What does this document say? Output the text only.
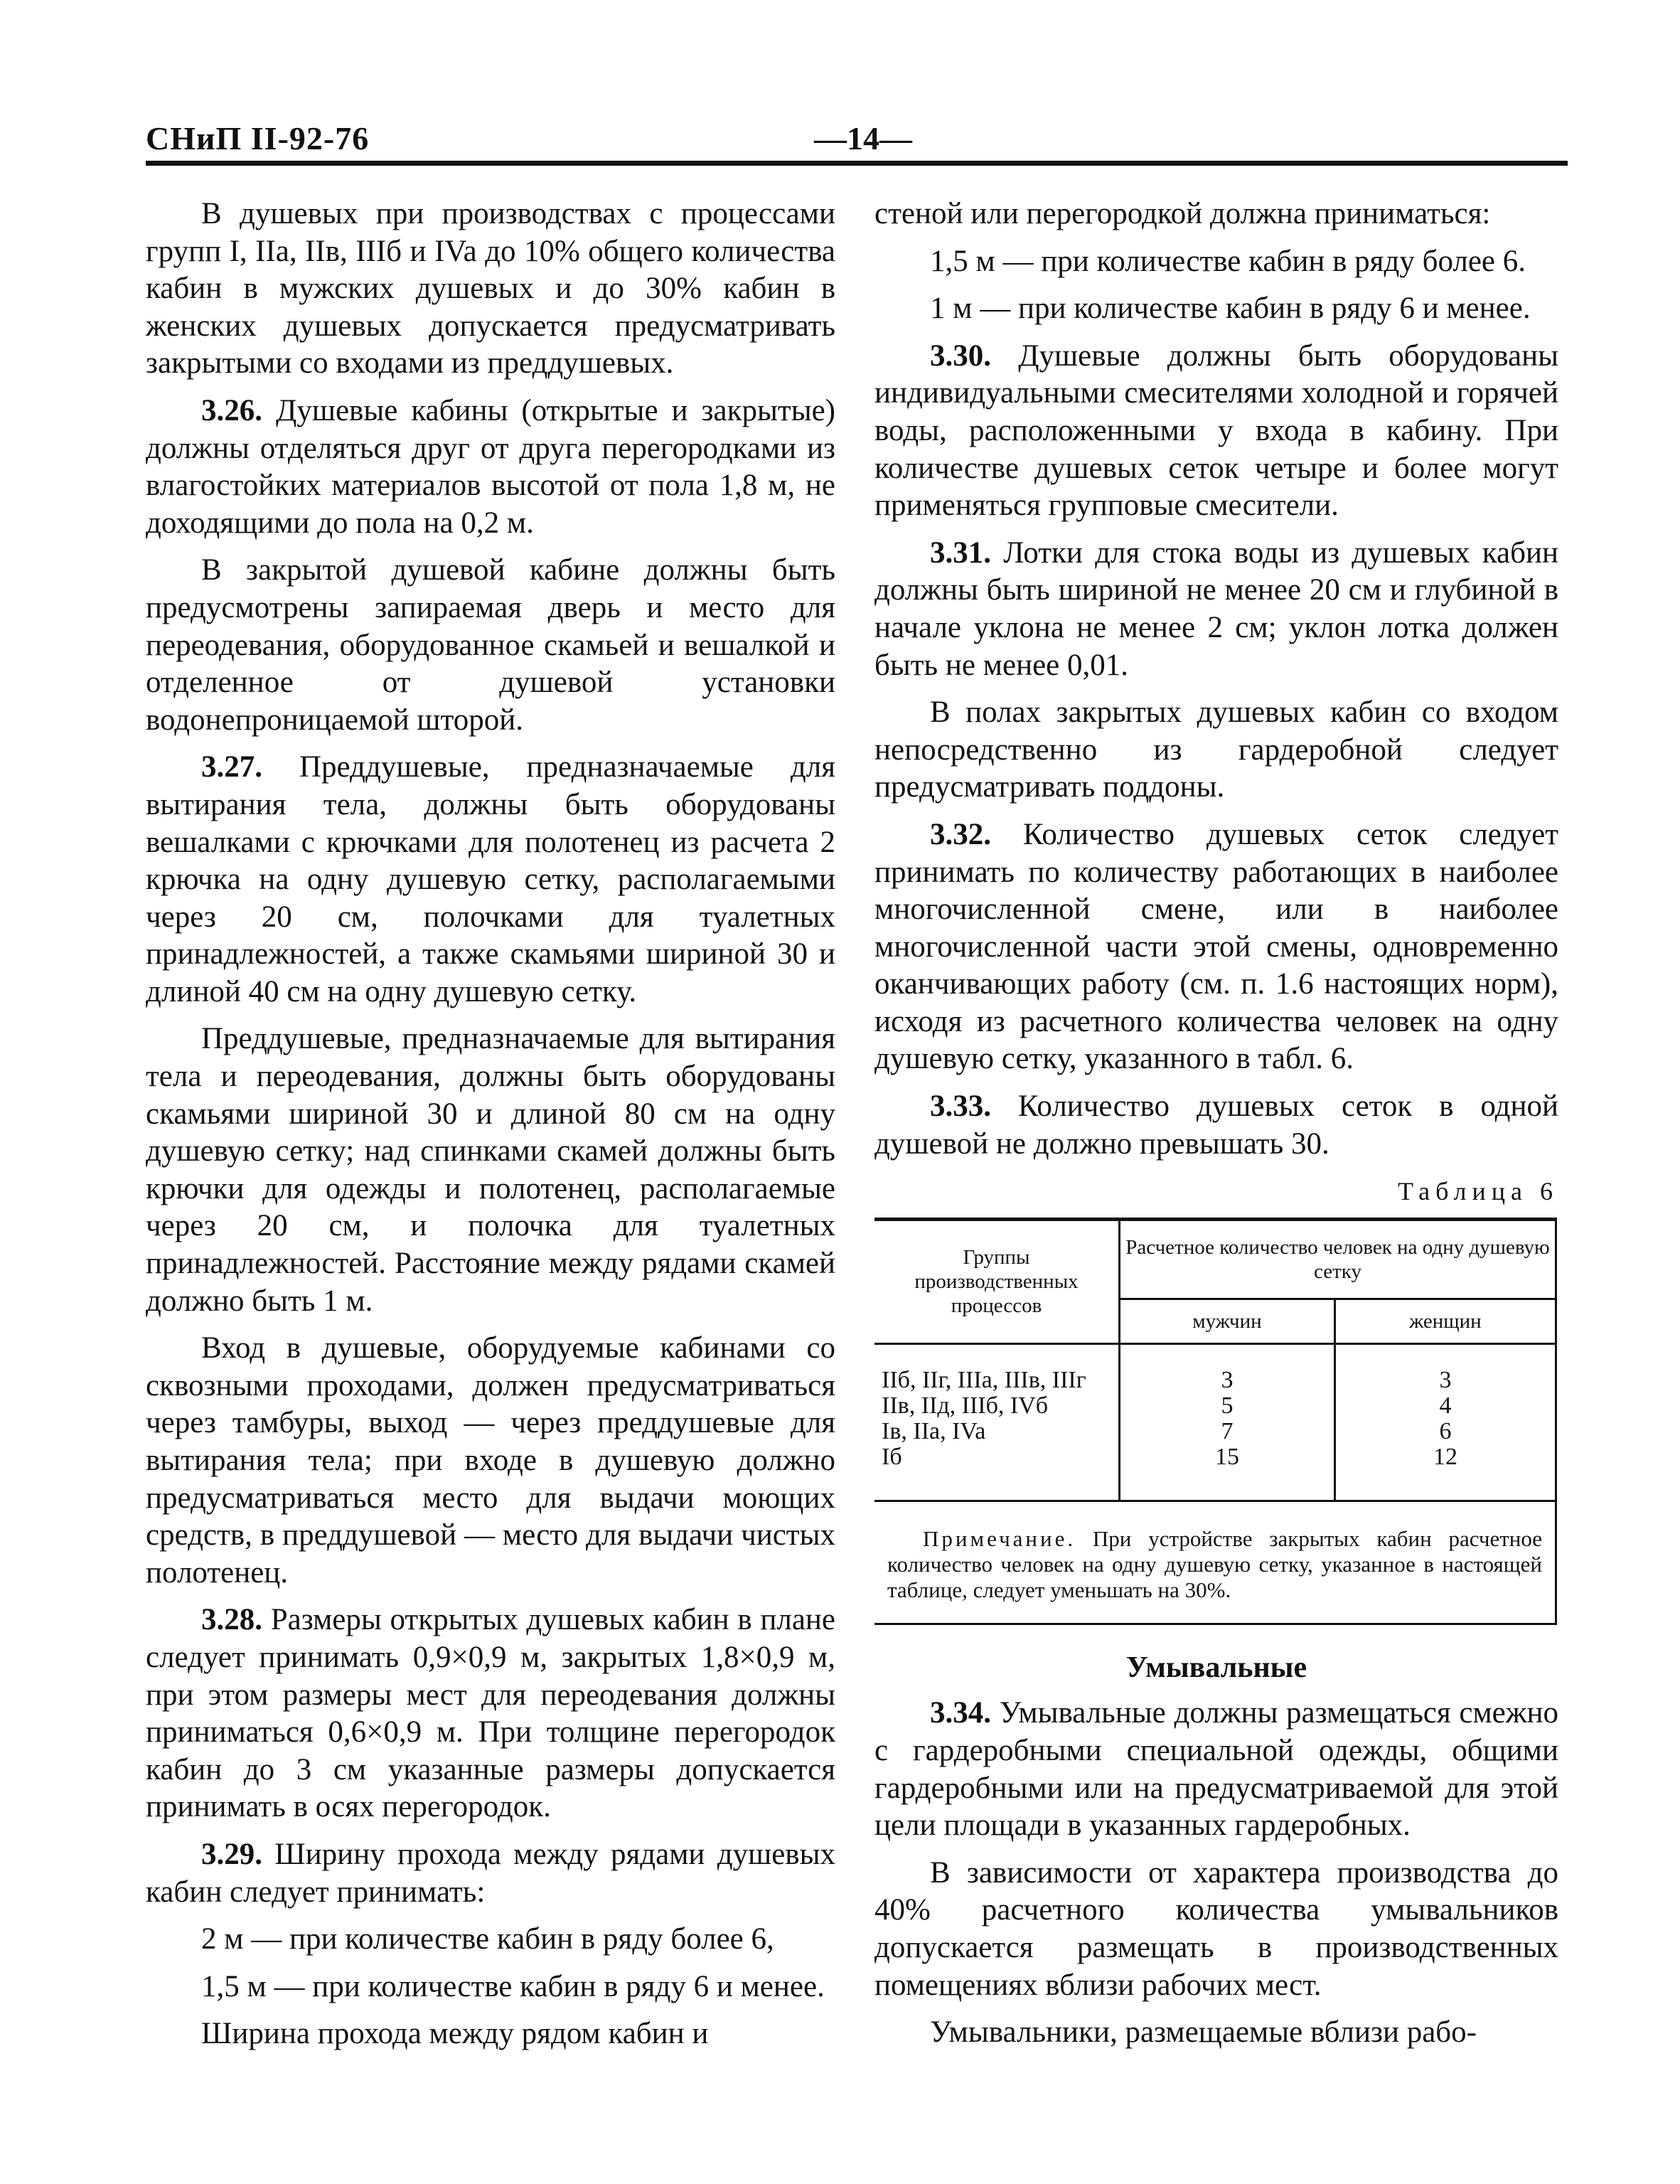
СНиП II-92-76	—14—

В душевых при производствах с процессами групп I, IIa, IIв, IIIб и IVa до 10% общего количества кабин в мужских душевых и до 30% кабин в женских душевых допускается предусматривать закрытыми со входами из преддушевых.

3.26. Душевые кабины (открытые и закрытые) должны отделяться друг от друга перегородками из влагостойких материалов высотой от пола 1,8 м, не доходящими до пола на 0,2 м.

В закрытой душевой кабине должны быть предусмотрены запираемая дверь и место для переодевания, оборудованное скамьей и вешалкой и отделенное от душевой установки водонепроницаемой шторой.

3.27. Преддушевые, предназначаемые для вытирания тела, должны быть оборудованы вешалками с крючками для полотенец из расчета 2 крючка на одну душевую сетку, располагаемыми через 20 см, полочками для туалетных принадлежностей, а также скамьями шириной 30 и длиной 40 см на одну душевую сетку.

Преддушевые, предназначаемые для вытирания тела и переодевания, должны быть оборудованы скамьями шириной 30 и длиной 80 см на одну душевую сетку; над спинками скамей должны быть крючки для одежды и полотенец, располагаемые через 20 см, и полочка для туалетных принадлежностей. Расстояние между рядами скамей должно быть 1 м.

Вход в душевые, оборудуемые кабинами со сквозными проходами, должен предусматриваться через тамбуры, выход — через преддушевые для вытирания тела; при входе в душевую должно предусматриваться место для выдачи моющих средств, в преддушевой — место для выдачи чистых полотенец.

3.28. Размеры открытых душевых кабин в плане следует принимать 0,9×0,9 м, закрытых 1,8×0,9 м, при этом размеры мест для переодевания должны приниматься 0,6×0,9 м. При толщине перегородок кабин до 3 см указанные размеры допускается принимать в осях перегородок.

3.29. Ширину прохода между рядами душевых кабин следует принимать:

2 м — при количестве кабин в ряду более 6,

1,5 м — при количестве кабин в ряду 6 и менее.

Ширина прохода между рядом кабин и

стеной или перегородкой должна приниматься:

1,5 м — при количестве кабин в ряду более 6.

1 м — при количестве кабин в ряду 6 и менее.

3.30. Душевые должны быть оборудованы индивидуальными смесителями холодной и горячей воды, расположенными у входа в кабину. При количестве душевых сеток четыре и более могут применяться групповые смесители.

3.31. Лотки для стока воды из душевых кабин должны быть шириной не менее 20 см и глубиной в начале уклона не менее 2 см; уклон лотка должен быть не менее 0,01.

В полах закрытых душевых кабин со входом непосредственно из гардеробной следует предусматривать поддоны.

3.32. Количество душевых сеток следует принимать по количеству работающих в наиболее многочисленной смене, или в наиболее многочисленной части этой смены, одновременно оканчивающих работу (см. п. 1.6 настоящих норм), исходя из расчетного количества человек на одну душевую сетку, указанного в табл. 6.

3.33. Количество душевых сеток в одной душевой не должно превышать 30.

Таблица 6
Группы производственных процессов	Расчетное количество человек на одну душевую сетку	
	мужчин	женщин
IIб, IIг, IIIa, IIIв, IIIг	3	3
IIв, IIд, IIIб, IVб	5	4
Iв, IIa, IVa	7	6
Iб	15	12
Примечание. При устройстве закрытых кабин расчетное количество человек на одну душевую сетку, указанное в настоящей таблице, следует уменьшать на 30%.
Умывальные

3.34. Умывальные должны размещаться смежно с гардеробными специальной одежды, общими гардеробными или на предусматриваемой для этой цели площади в указанных гардеробных.

В зависимости от характера производства до 40% расчетного количества умывальников допускается размещать в производственных помещениях вблизи рабочих мест.

Умывальники, размещаемые вблизи рабо-
